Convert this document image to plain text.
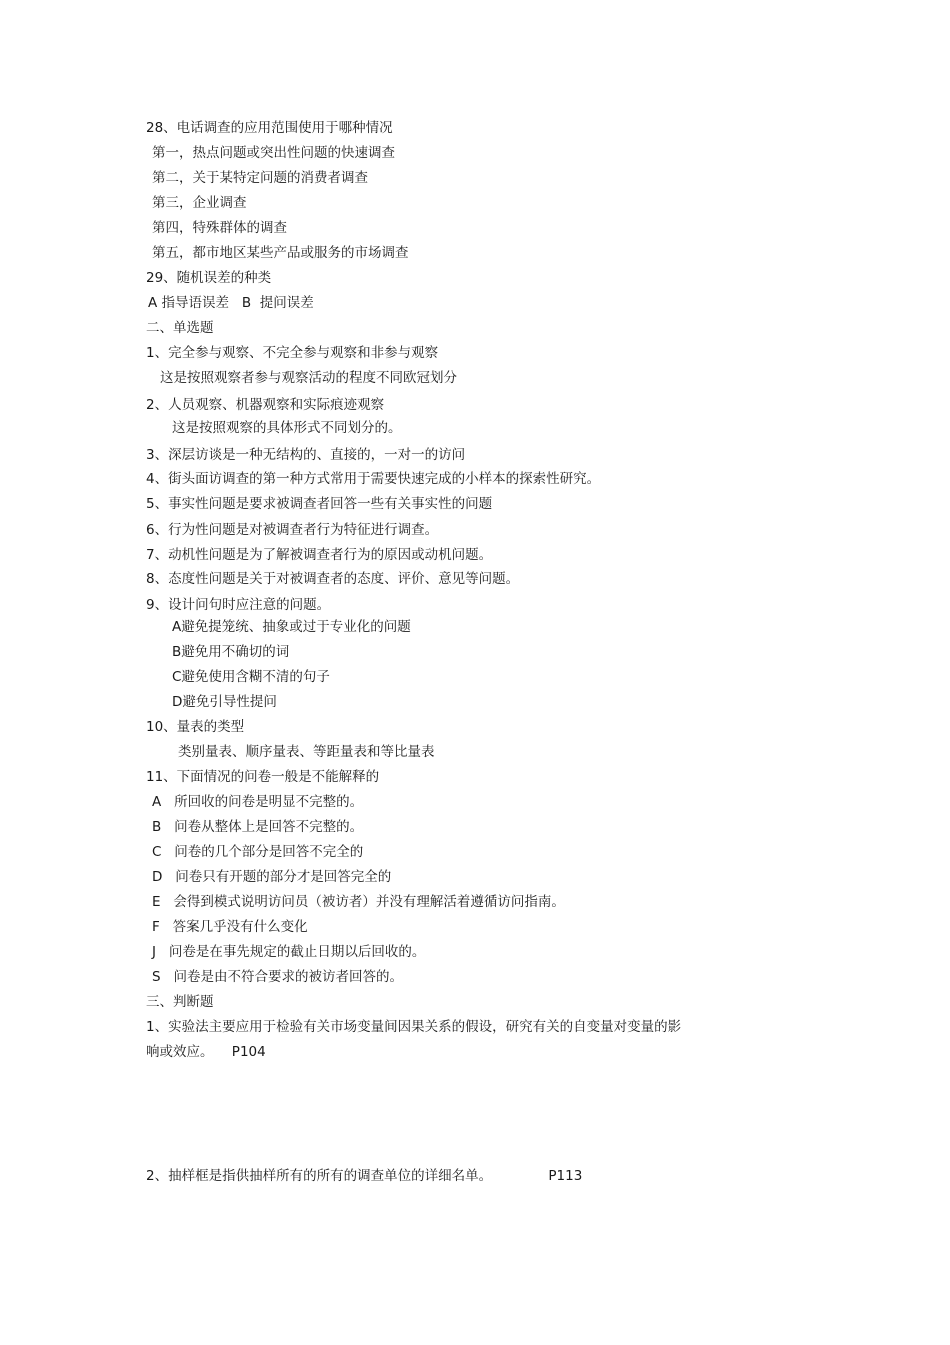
28、电话调查的应用范围使用于哪种情况
第一，热点问题或突出性问题的快速调查
第二，关于某特定问题的消费者调查
第三，企业调查
第四，特殊群体的调查
第五，都市地区某些产品或服务的市场调查
29、随机误差的种类
A 指导语误差   B  提问误差
二、单选题
1、完全参与观察、不完全参与观察和非参与观察
这是按照观察者参与观察活动的程度不同欧冠划分
2、人员观察、机器观察和实际痕迹观察
这是按照观察的具体形式不同划分的。
3、深层访谈是一种无结构的、直接的，一对一的访问
4、街头面访调查的第一种方式常用于需要快速完成的小样本的探索性研究。
5、事实性问题是要求被调查者回答一些有关事实性的问题
6、行为性问题是对被调查者行为特征进行调查。
7、动机性问题是为了解被调查者行为的原因或动机问题。
8、态度性问题是关于对被调查者的态度、评价、意见等问题。
9、设计问句时应注意的问题。
A避免提笼统、抽象或过于专业化的问题
B避免用不确切的词
C避免使用含糊不清的句子
D避免引导性提问
10、量表的类型
类别量表、顺序量表、等距量表和等比量表
11、下面情况的问卷一般是不能解释的
A   所回收的问卷是明显不完整的。
B   问卷从整体上是回答不完整的。
C   问卷的几个部分是回答不完全的
D   问卷只有开题的部分才是回答完全的
E   会得到模式说明访问员（被访者）并没有理解活着遵循访问指南。
F   答案几乎没有什么变化
J   问卷是在事先规定的截止日期以后回收的。
S   问卷是由不符合要求的被访者回答的。
三、判断题
1、实验法主要应用于检验有关市场变量间因果关系的假设，研究有关的自变量对变量的影
响或效应。 P104
2、抽样框是指供抽样所有的所有的调查单位的详细名单。	P113
